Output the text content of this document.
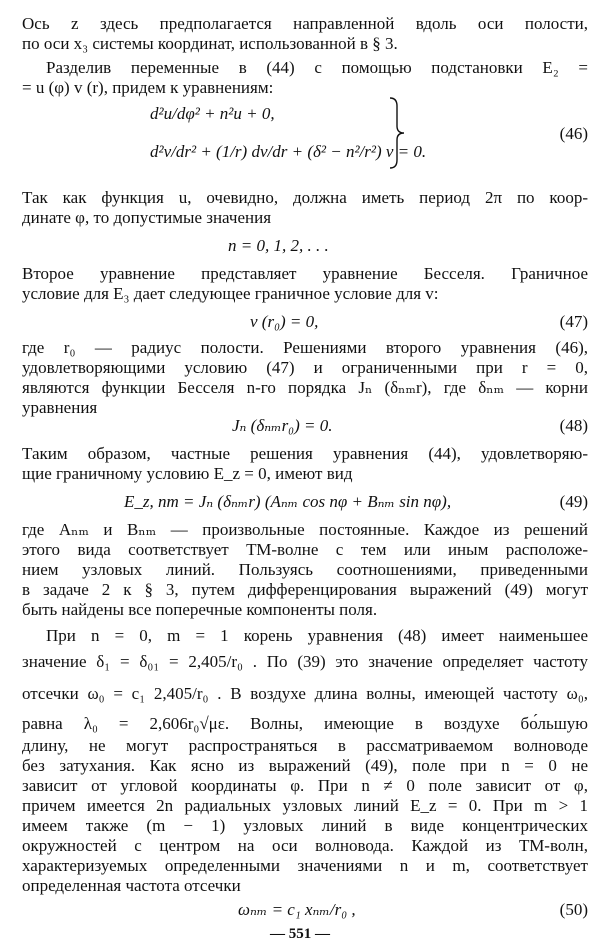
Ось z здесь предполагается направленной вдоль оси полости,
по оси x₃ системы координат, использованной в § 3.
Разделив переменные в (44) с помощью подстановки E₂ =
= u (φ) v (r), придем к уравнениям:
d²u/dφ² + n²u + 0,
d²v/dr² + (1/r) dv/dr + (δ² − n²/r²) v = 0.
(46)
Так как функция u, очевидно, должна иметь период 2π по коор-
динате φ, то допустимые значения
n = 0, 1, 2, . . .
Второе уравнение представляет уравнение Бесселя. Граничное
условие для E₃ дает следующее граничное условие для v:
v (r₀) = 0,	(47)
где r₀ — радиус полости. Решениями второго уравнения (46),
удовлетворяющими условию (47) и ограниченными при r = 0,
являются функции Бесселя n-го порядка Jₙ (δₙₘr), где δₙₘ — корни
уравнения
Jₙ (δₙₘr₀) = 0.	(48)
Таким образом, частные решения уравнения (44), удовлетворяю-
щие граничному условию E_z = 0, имеют вид
E_z, nm = Jₙ (δₙₘr) (Aₙₘ cos nφ + Bₙₘ sin nφ),	(49)
где Aₙₘ и Bₙₘ — произвольные постоянные. Каждое из решений
этого вида соответствует ТМ-волне с тем или иным расположе-
нием узловых линий. Пользуясь соотношениями, приведенными
в задаче 2 к § 3, путем дифференцирования выражений (49) могут
быть найдены все поперечные компоненты поля.
При n = 0, m = 1 корень уравнения (48) имеет наименьшее
значение δ₁ = δ₀₁ = 2,405/r₀ . По (39) это значение определяет частоту
отсечки ω₀ = c₁ 2,405/r₀ . В воздухе длина волны, имеющей частоту ω₀,
равна λ₀ = 2,606r₀√με. Волны, имеющие в воздухе бо́льшую
длину, не могут распространяться в рассматриваемом волноводе
без затухания. Как ясно из выражений (49), поле при n = 0 не
зависит от угловой координаты φ. При n ≠ 0 поле зависит от φ,
причем имеется 2n радиальных узловых линий E_z = 0. При m > 1
имеем также (m − 1) узловых линий в виде концентрических
окружностей с центром на оси волновода. Каждой из ТМ-волн,
характеризуемых определенными значениями n и m, соответствует
определенная частота отсечки
ωₙₘ = c₁ xₙₘ/r₀ ,	(50)
— 551 —
